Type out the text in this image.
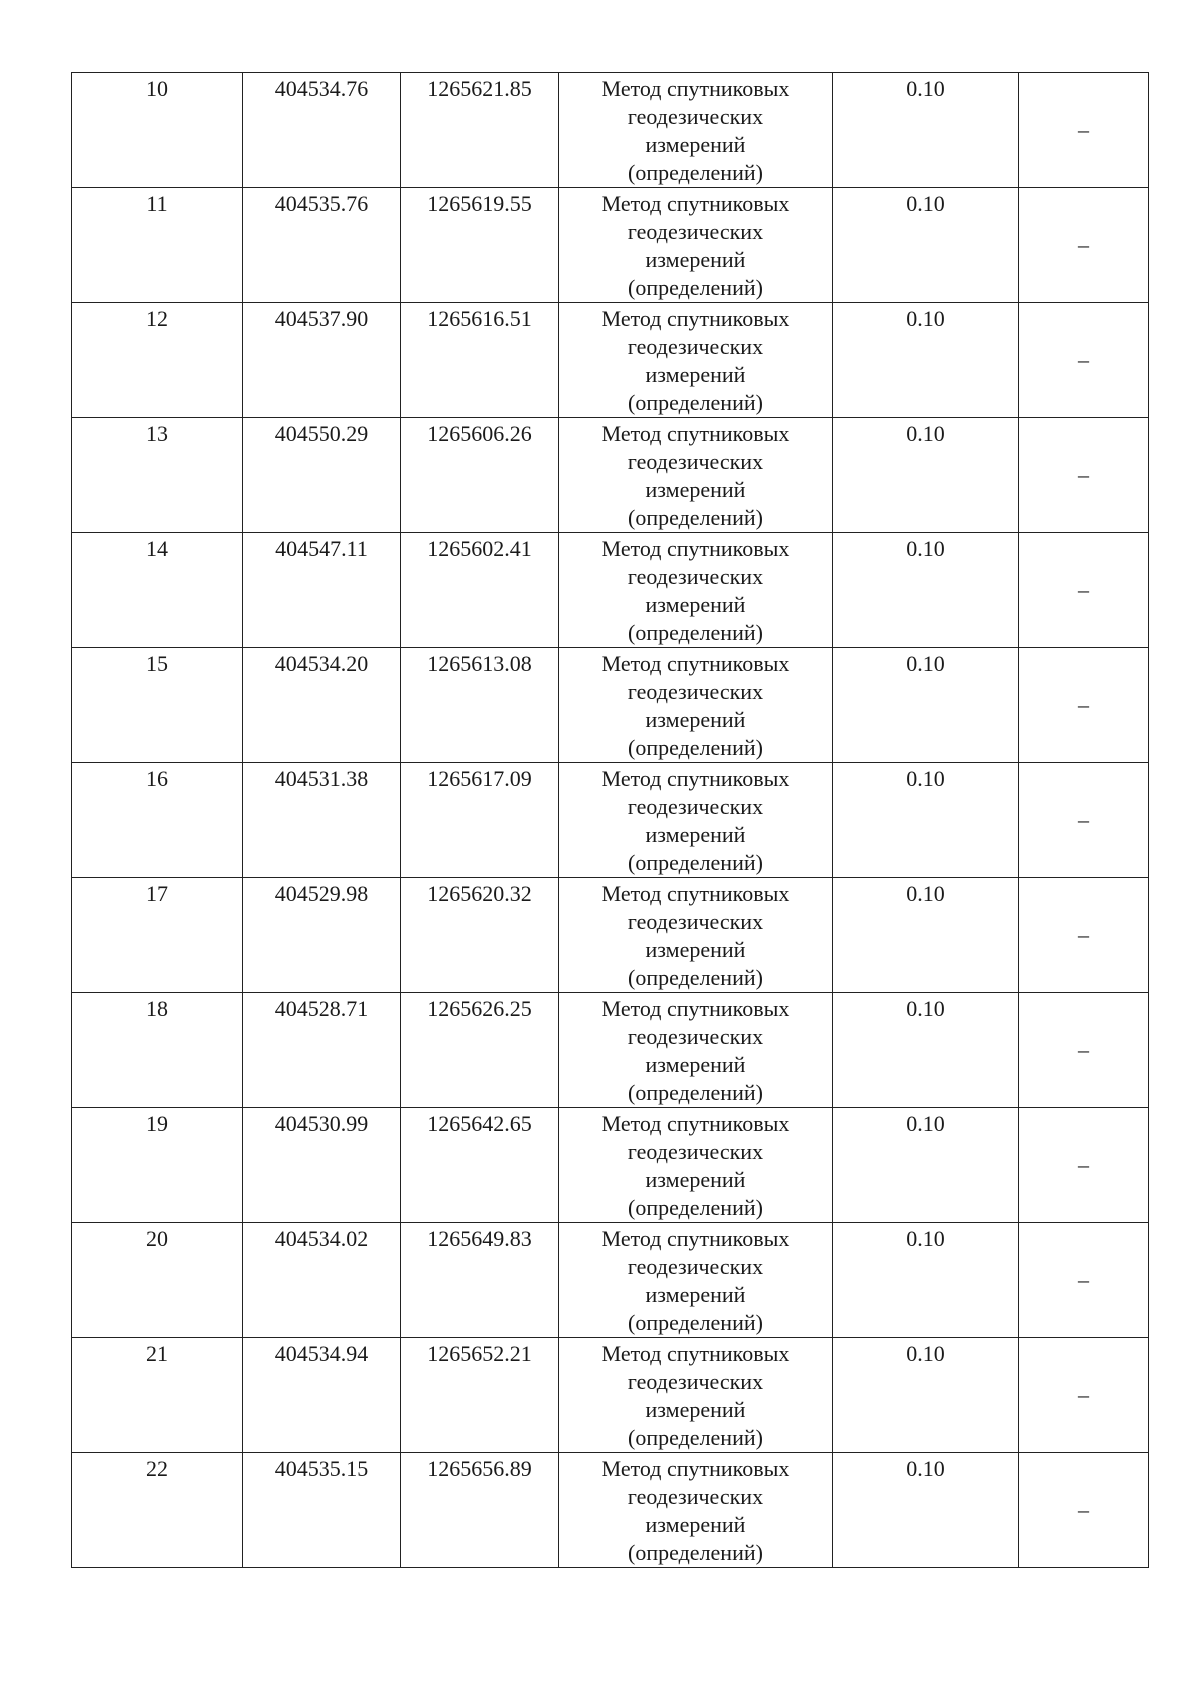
10	404534.76	1265621.85	Метод спутниковых
геодезических
измерений
(определений)	0.10	–

11	404535.76	1265619.55	Метод спутниковых
геодезических
измерений
(определений)	0.10	–

12	404537.90	1265616.51	Метод спутниковых
геодезических
измерений
(определений)	0.10	–

13	404550.29	1265606.26	Метод спутниковых
геодезических
измерений
(определений)	0.10	–

14	404547.11	1265602.41	Метод спутниковых
геодезических
измерений
(определений)	0.10	–

15	404534.20	1265613.08	Метод спутниковых
геодезических
измерений
(определений)	0.10	–

16	404531.38	1265617.09	Метод спутниковых
геодезических
измерений
(определений)	0.10	–

17	404529.98	1265620.32	Метод спутниковых
геодезических
измерений
(определений)	0.10	–

18	404528.71	1265626.25	Метод спутниковых
геодезических
измерений
(определений)	0.10	–

19	404530.99	1265642.65	Метод спутниковых
геодезических
измерений
(определений)	0.10	–

20	404534.02	1265649.83	Метод спутниковых
геодезических
измерений
(определений)	0.10	–

21	404534.94	1265652.21	Метод спутниковых
геодезических
измерений
(определений)	0.10	–

22	404535.15	1265656.89	Метод спутниковых
геодезических
измерений
(определений)	0.10	–
